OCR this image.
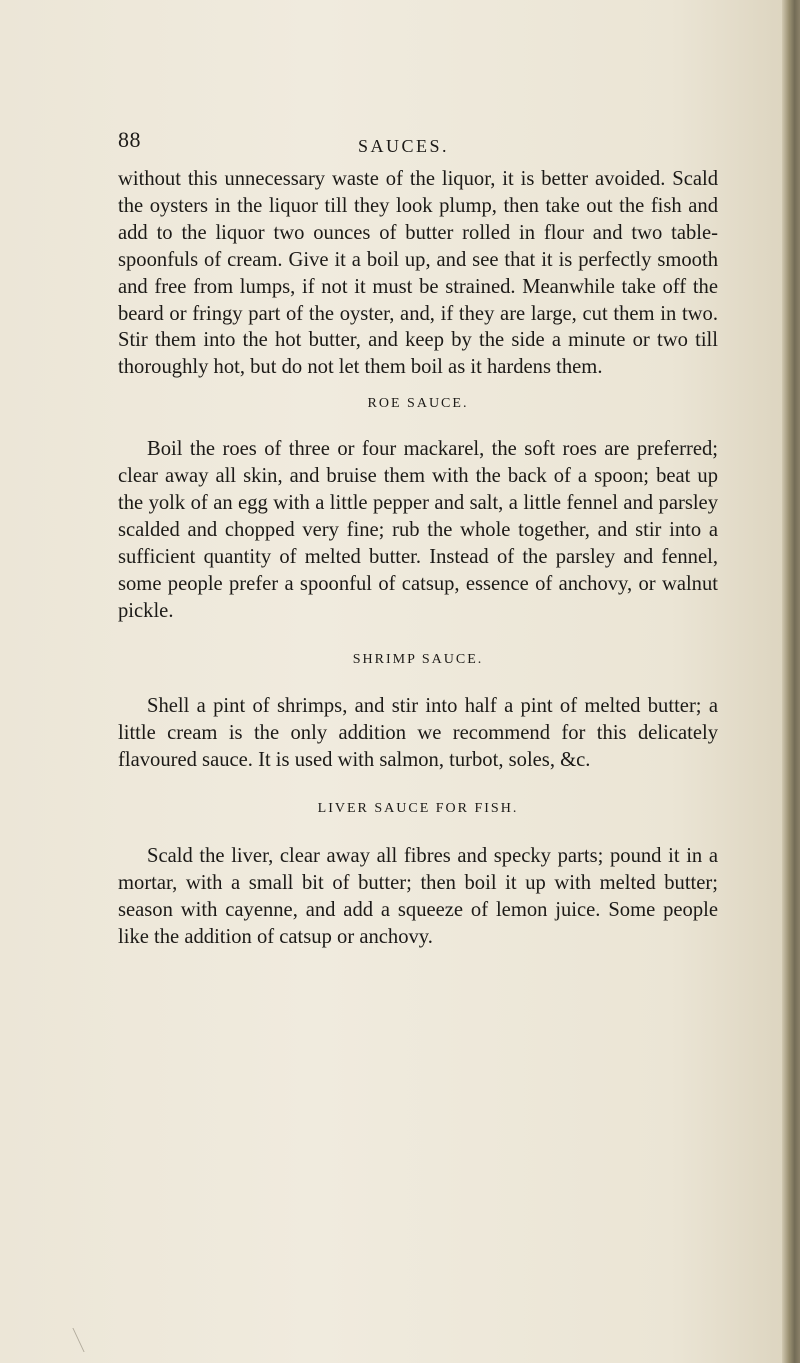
88	SAUCES.

without this unnecessary waste of the liquor, it is better avoided. Scald the oysters in the liquor till they look plump, then take out the fish and add to the liquor two ounces of butter rolled in flour and two table-spoonfuls of cream. Give it a boil up, and see that it is perfectly smooth and free from lumps, if not it must be strained. Meanwhile take off the beard or fringy part of the oyster, and, if they are large, cut them in two. Stir them into the hot butter, and keep by the side a minute or two till thoroughly hot, but do not let them boil as it hardens them.

ROE SAUCE.

Boil the roes of three or four mackarel, the soft roes are preferred; clear away all skin, and bruise them with the back of a spoon; beat up the yolk of an egg with a little pepper and salt, a little fennel and parsley scalded and chopped very fine; rub the whole together, and stir into a sufficient quantity of melted butter. Instead of the parsley and fennel, some people prefer a spoonful of catsup, essence of anchovy, or walnut pickle.

SHRIMP SAUCE.

Shell a pint of shrimps, and stir into half a pint of melted butter; a little cream is the only addition we recommend for this delicately flavoured sauce. It is used with salmon, turbot, soles, &c.

LIVER SAUCE FOR FISH.

Scald the liver, clear away all fibres and specky parts; pound it in a mortar, with a small bit of butter; then boil it up with melted butter; season with cayenne, and add a squeeze of lemon juice. Some people like the addition of catsup or anchovy.
